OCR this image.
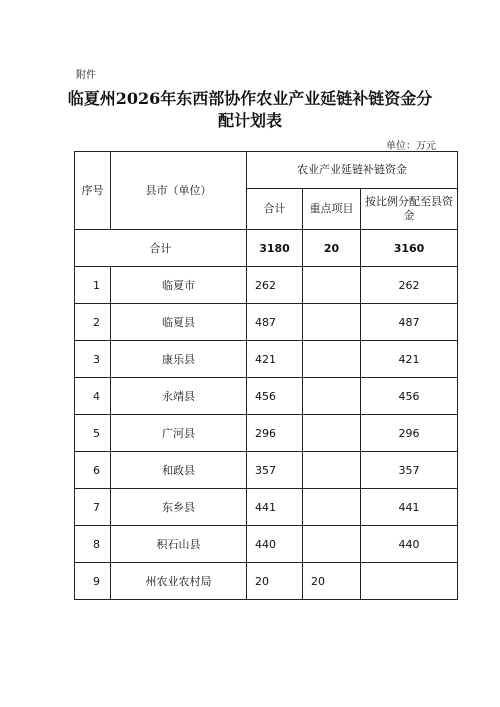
附件
临夏州2026年东西部协作农业产业延链补链资金分配计划表
单位：万元
序号	县市（单位）	农业产业延链补链资金		
		合计	重点项目	按比例分配至县资金
合计		3180	20	3160
1	临夏市	262		262
2	临夏县	487		487
3	康乐县	421		421
4	永靖县	456		456
5	广河县	296		296
6	和政县	357		357
7	东乡县	441		441
8	积石山县	440		440
9	州农业农村局	20	20	
